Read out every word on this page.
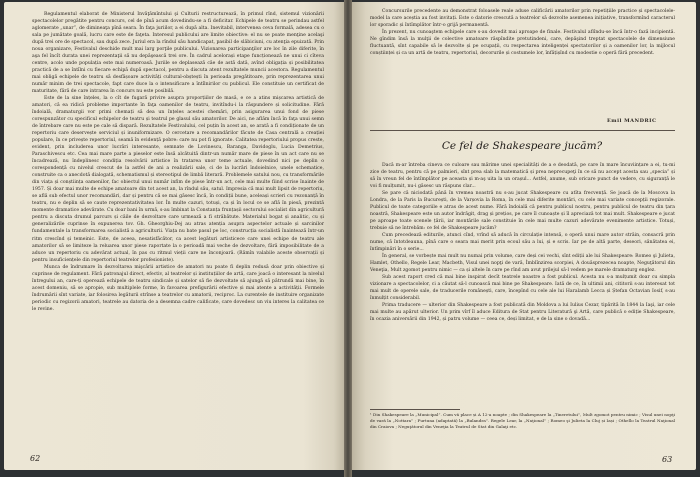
Regulamentul elaborat de Ministerul Invăţămîntului şi Culturii restructurează, în primul rînd, sistemul vizionării spectacolelor pregătite pentru concurs, cel de pînă acum dovedindu-se a fi deficitar. Echipele de teatru se perindau astfel aglomerate „unar”, de dimineaţa pînă seara. În faţa juriilor, a ei după alta. Inevitabil, intervenea ceva formală, adesea cu o sala pe jumătate goală, lucru care este de faţeta. Interesul publicului are limite obiective: el nu se poate menţine acelaşi după trei ore de spectacol, sau după zece. Juriul era la rîndul său handicapat, pasibil de slăbiciuni, cu atenţia epuizată. Prin noua organizare, Festivalul deschide mult mai larg porţile publicului. Vizionarea participanţilor are loc în zile diferite, în aşa fel încît durata unei reprezentaţii să nu depăşească trei ore. În cadrul acelorași etape funcționează ne unui ci cîteva centre, acolo unde populația este mai numeroasă. Juriile se deplasează căe de astă dată, avînd obligația și posibilitatea practică de a se întîlni cu fiecare echipă după spectacol, pentru a discuta atent rezultatele muncii acestora. Regulamentul mai obligă echipele de teatru să desfășoare activități cultural-obștești în perioada pregătitoare, prin reprezentarea unui număr minim de trei spectacole, fapt care duce la o intensificare a întîlnirilor cu publicul. Ele constituie un certificat de maturitate, fără de care intrarea în concurs nu este posibilă.

Este de la sine înțeles, la o cît de fugară privire asupra proporțiilor de masă, e ce a atins mișcarea artistică de amatori, că ea ridică probleme importante în faţa oamenilor de teatru, invitîndu-i la răspundere și solicitudine. Fără îndoială, dramaturgii vor primi chemați să dea un înțeles acestei chemări, prin asigurarea unui fond de piese corespunzător cu specificul echipelor de teatru și teatrul pe glasul său amatorilor. De aici, ne aflăm încă în faţa unui semn de întrebare care nu este pe cale să dispară. Rezultatele Festivalului, cel puțin în acest an, se arată a fi condiționate de un repertoriu care deservește serviciul și inuniformizare. O cercetare a recomandărilor făcute de Casa centrală a creației populare, în ce privește repertoriul, seamă în evidență pobre: care nu pot fi ignorate. Calitatea repertoriului propus creste, evident, prin includerea unor lucrări interesante, semnate de Lovinescu, Baranga, Davidoglu, Lucia Demetrius, Paraschivescu etc. Cea mai mare parte a pieselor este însă alcătuită dintr-un număr mare de piese în un act care nu se încadrează, nu îndeplinesc condiția resolvării artistice în tratarea unor teme actuale, dovedind nici pe deplin o corespondență cu nivelul crescut de la astfel de ani a realizării sale, ci de la lucrări îndoielnice, unele schematice, construite ca o anecdotă dialogată, schematismul și stereotipul de limbă literară. Problemele satului nou, cu transformările din viața și conștiința oamenilor, fac obiectul unui număr infim de piese într-un act, cele mai multe fiind scrise înainte de 1957. Și doar mai multe de echipe amatoare din tot acest an, la rîndul său, satul. Impresia că mai mult lipsit de repertoriu, se află sub efectul unor recomandări, dar și pentru că se mai găsesc încă, în condiții bune, aceleași scrieri cu rezonanță în teatru, nu e deplin să se caute reprezentativitatea lor. În multe cazuri, totuși, ca și în locul ce se află în piesă, prezintă momente dramatice adevărate. Cu doar bani în urmă, s-au îmbinat la Constanța frunțașii sectorului socialist din agricultură pentru a discuta drumul parcurs și căile de dezvoltare care urmează a fi străbătute. Materialul bogat și analitic, cu și generalizările cuprinse în expunerea tov. Gh. Gheorghiu-Dej au atras atenția asupra aspectelor actuale și sarcinilor fundamentale la transformarea socialistă a agriculturii. Viața nu bate pasul pe loc, construcția socialistă înaintează într-un ritm crescînd și temeinic. Este, de aceea, nesatisfăcător, ca acest legături artisticece care unei echipe de teatru ale amatorilor să se limiteze la reluarea unor piese raportate la o perioadă mai veche de dezvoltare, fără imposibilitate de a aduce un repertoriu cu adevărat actual, în pas cu ritmul vieții care ne înconjoară. (Rămîn valabile aceste observații și pentru insuficiențele din repertoriul teatrelor profesioniste).

Munca de îndrumare în dezvoltarea mişcării artistice de amatori nu poate fi deplin redusă doar prin obiective și cuprinse de regulament. Fără patronajul direct, efectiv, al teatrelor și instituțiilor de artă, care joacă o interesant la nivelul întregului an, care-ți operează echipele de teatru sindicale și satelor să fie dezvoltate să ajungă să pătrundă mai bine, în acest domeniu, să se apropie, sub multiplele forme, în favoarea prefigurării efective și mai atente a activității. Formele îndrumării sînt variate, iar folosirea legăturii strînse a teatrelor cu amatorii, reciproc. La curentele de instituire organizate periodic cu regizorii amatori, teatrele au datoria de a desemna cadre calificate, care dovedesc un viu interes la calitatea ce le revine.

62

Concursurile precedente au demonstrat foloasele reale aduse calificării amatorilor prin repetițiile practice și spectacolele-model la care aceștia au fost invitați. Este o datorie crescută a teatrelor să dezvolte asemenea inițiative, transformînd caracterul lor sporadic și întîmplător într-o grijă permanentă.

În prezent, nu cunoaştem echipele care s-au dovedit mai aproape de finale. Festivalul aflîndu-se încă într-o fază incipientă. Ne gîndim însă la mulţii de colective amatoare răspîndite pretutindeni, care, depăşind treptat spectacolele de dimensiune fluctuantă, sînt capabile să le dezvolte și pe ocupații, cu respectarea inteligenței spectatorilor și a oamenilor lor, la mijlocul conștiinței și ca un artă de teatru, repertoriul, decorurile și costumele lor, înfățișînd cu modestie o operă fără precedent.

Emil MANDRIC
Ce fel de Shakespeare jucăm?

Dacă m-ar întreba cineva ce culoare sau mărime unei specialități de a e deodată, pe care în mare încuviințare a ei, tu-mi zice de teatru, pentru că pe palmieri, sînt prea slab la matematică și prea neprecupeţi în ce să nu accept acesta sau „specia” și să în vreun fel de întîmplător pe aceasta și m-aş uita la un orașul... Astfel, anume, sub oricare punct de vedere, cu siguranță le voi fi mulțumit, nu-i găsesc un răspuns clar...

Se pare că niciodată până în vremea noastră nu s-au jucat Shakespeare cu atîta frecvență. Se joacă de la Moscova la Londra, de la Paris la București, de la Varșovia la Roma, în cele mai diferite montări, cu cele mai variate concepții regizorale. Publicul de toate categoriile e atras de acest nume. Fără îndoială că pentru publicul nostru, pentru publicul de teatru din țara noastră, Shakespeare este un autor îndrăgit, drag și prețios, pe care îl cunoaște și îl apreciază tot mai mult. Shakespeare e jucat pe aproape toate scenele țării, iar montările sale constituie în cele mai multe cazuri adevărate evenimente artistice. Totuși, trebuie să ne întrebăm: ce fel de Shakespeare jucăm?

Cum precedează editurile, atunci cînd, vrînd să aducă în circulație intensă, o operă unui mare autor străin, consacră prin nume, că întotdeauna, pînă care o seara mai merit prin ecoul său a lui, și e scris. Iar pe de altă parte, deseori, sănătatea ei, întîmpinări în o serie...

În general, se vorbește mai mult nu numai prin volume, care deși cei vechi, sînt ediții ale lui Shakespeare: Romeo şi Julieta, Hamlet, Othello, Regele Lear, Macbeth, Visul unei nopţi de vară, Îmblînzirea scorpiei, A douăsprezecea noapte, Neguţătorul din Veneţia, Mult zgomot pentru nimic — ca și altele în care pe rînd am avut prilejul să-l vedem pe marele dramaturg englez.

Sub acest raport cred că mai bine inspirat decît teatrele noastre a fost publicul. Acesta nu s-a mulțumit doar cu simpla vizionare a spectacolelor, ci a căutat să-l cunoască mai bine pe Shakespeare. Iată de ce, în ultimii ani, cititorii s-au interesat tot mai mult de operele sale, de traducerile românești, care, începînd cu cele ale lui Haralamb Lecca și Ștefan Octavian Iosif, s-au înmulțit considerabil.

Prima traducere — ulterior din Shakespeare a fost publicată din Moldova a lui Iulius Cezar, tipărită în 1844 la Iaşi, iar cele mai multe au apărut ulterior. Un prim vîrf îl aduce Editura de Stat pentru Literatură şi Artă, care publică o ediție Shakespeare, în ocazia aniversării din 1942, și patru volume — ceea ce, deși limitat, e de la sine o dovadă...

¹ Din Shakespeare la „Municipal”. Cum vă place și A 12-a noapte ; din Shakespeare la „Tineretului”, Mult zgomot pentru nimic ; Visul unei nopţi de vară la „Nottara” ; Furtuna (adaptată) la „Bulandra”. Regele Lear, la „Naţional” ; Romeo şi Julieta la Cluj și Iași ; Othello la Teatrul Naţional din Craiova ; Neguţătorul din Veneţia la Teatrul de Stat din Galaţi etc.
63
